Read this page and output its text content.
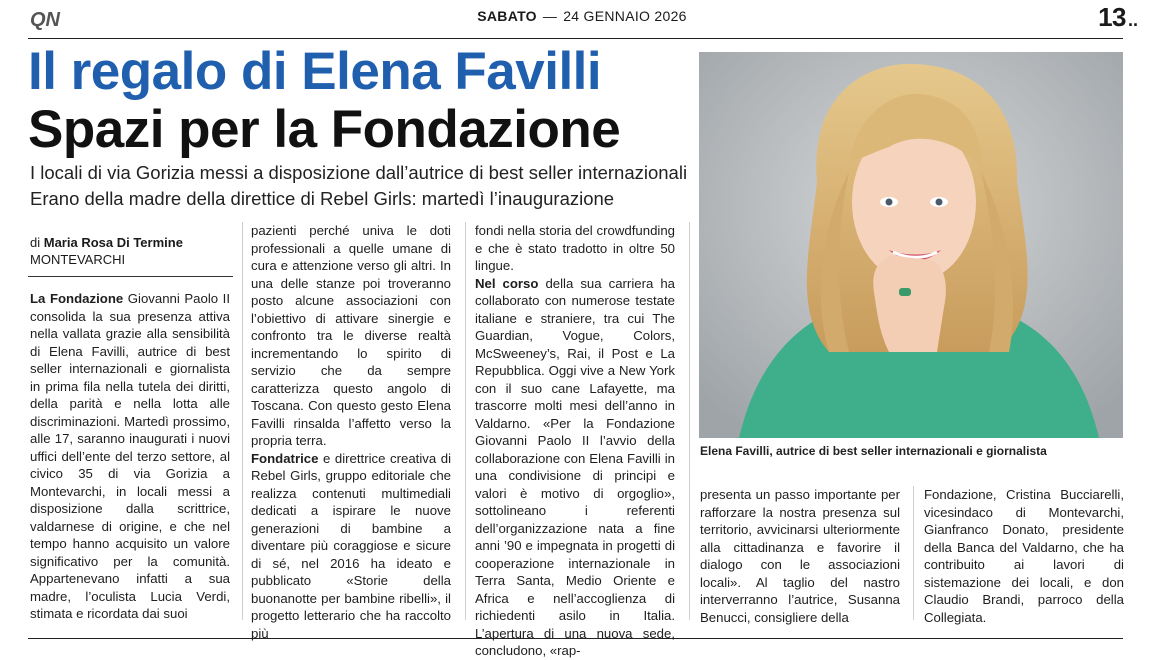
QN	SABATO — 24 GENNAIO 2026	13 ..
Il regalo di Elena Favilli
Spazi per la Fondazione
I locali di via Gorizia messi a disposizione dall’autrice di best seller internazionali
Erano della madre della direttice di Rebel Girls: martedì l’inaugurazione
Elena Favilli, autrice di best seller internazionali e giornalista
di Maria Rosa Di Termine
MONTEVARCHI

La Fondazione Giovanni Paolo II consolida la sua presenza attiva nella vallata grazie alla sensibilità di Elena Favilli, autrice di best seller internazionali e giornalista in prima fila nella tutela dei diritti, della parità e nella lotta alle discriminazioni. Martedì prossimo, alle 17, saranno inaugurati i nuovi uffici dell’ente del terzo settore, al civico 35 di via Gorizia a Montevarchi, in locali messi a disposizione dalla scrittrice, valdarnese di origine, e che nel tempo hanno acquisito un valore significativo per la comunità. Appartenevano infatti a sua madre, l’oculista Lucia Verdi, stimata e ricordata dai suoi

pazienti perché univa le doti professionali a quelle umane di cura e attenzione verso gli altri. In una delle stanze poi troveranno posto alcune associazioni con l’obiettivo di attivare sinergie e confronto tra le diverse realtà incrementando lo spirito di servizio che da sempre caratterizza questo angolo di Toscana. Con questo gesto Elena Favilli rinsalda l’affetto verso la propria terra.

Fondatrice e direttrice creativa di Rebel Girls, gruppo editoriale che realizza contenuti multimediali dedicati a ispirare le nuove generazioni di bambine a diventare più coraggiose e sicure di sé, nel 2016 ha ideato e pubblicato «Storie della buonanotte per bambine ribelli», il progetto letterario che ha raccolto più

fondi nella storia del crowdfunding e che è stato tradotto in oltre 50 lingue.

Nel corso della sua carriera ha collaborato con numerose testate italiane e straniere, tra cui The Guardian, Vogue, Colors, McSweeney’s, Rai, il Post e La Repubblica. Oggi vive a New York con il suo cane Lafayette, ma trascorre molti mesi dell’anno in Valdarno. «Per la Fondazione Giovanni Paolo II l’avvio della collaborazione con Elena Favilli in una condivisione di principi e valori è motivo di orgoglio», sottolineano i referenti dell’organizzazione nata a fine anni ’90 e impegnata in progetti di cooperazione internazionale in Terra Santa, Medio Oriente e Africa e nell’accoglienza di richiedenti asilo in Italia. L’apertura di una nuova sede, concludono, «rap-

presenta un passo importante per rafforzare la nostra presenza sul territorio, avvicinarsi ulteriormente alla cittadinanza e favorire il dialogo con le associazioni locali». Al taglio del nastro interverranno l’autrice, Susanna Benucci, consigliere della

Fondazione, Cristina Bucciarelli, vicesindaco di Montevarchi, Gianfranco Donato, presidente della Banca del Valdarno, che ha contribuito ai lavori di sistemazione dei locali, e don Claudio Brandi, parroco della Collegiata.
